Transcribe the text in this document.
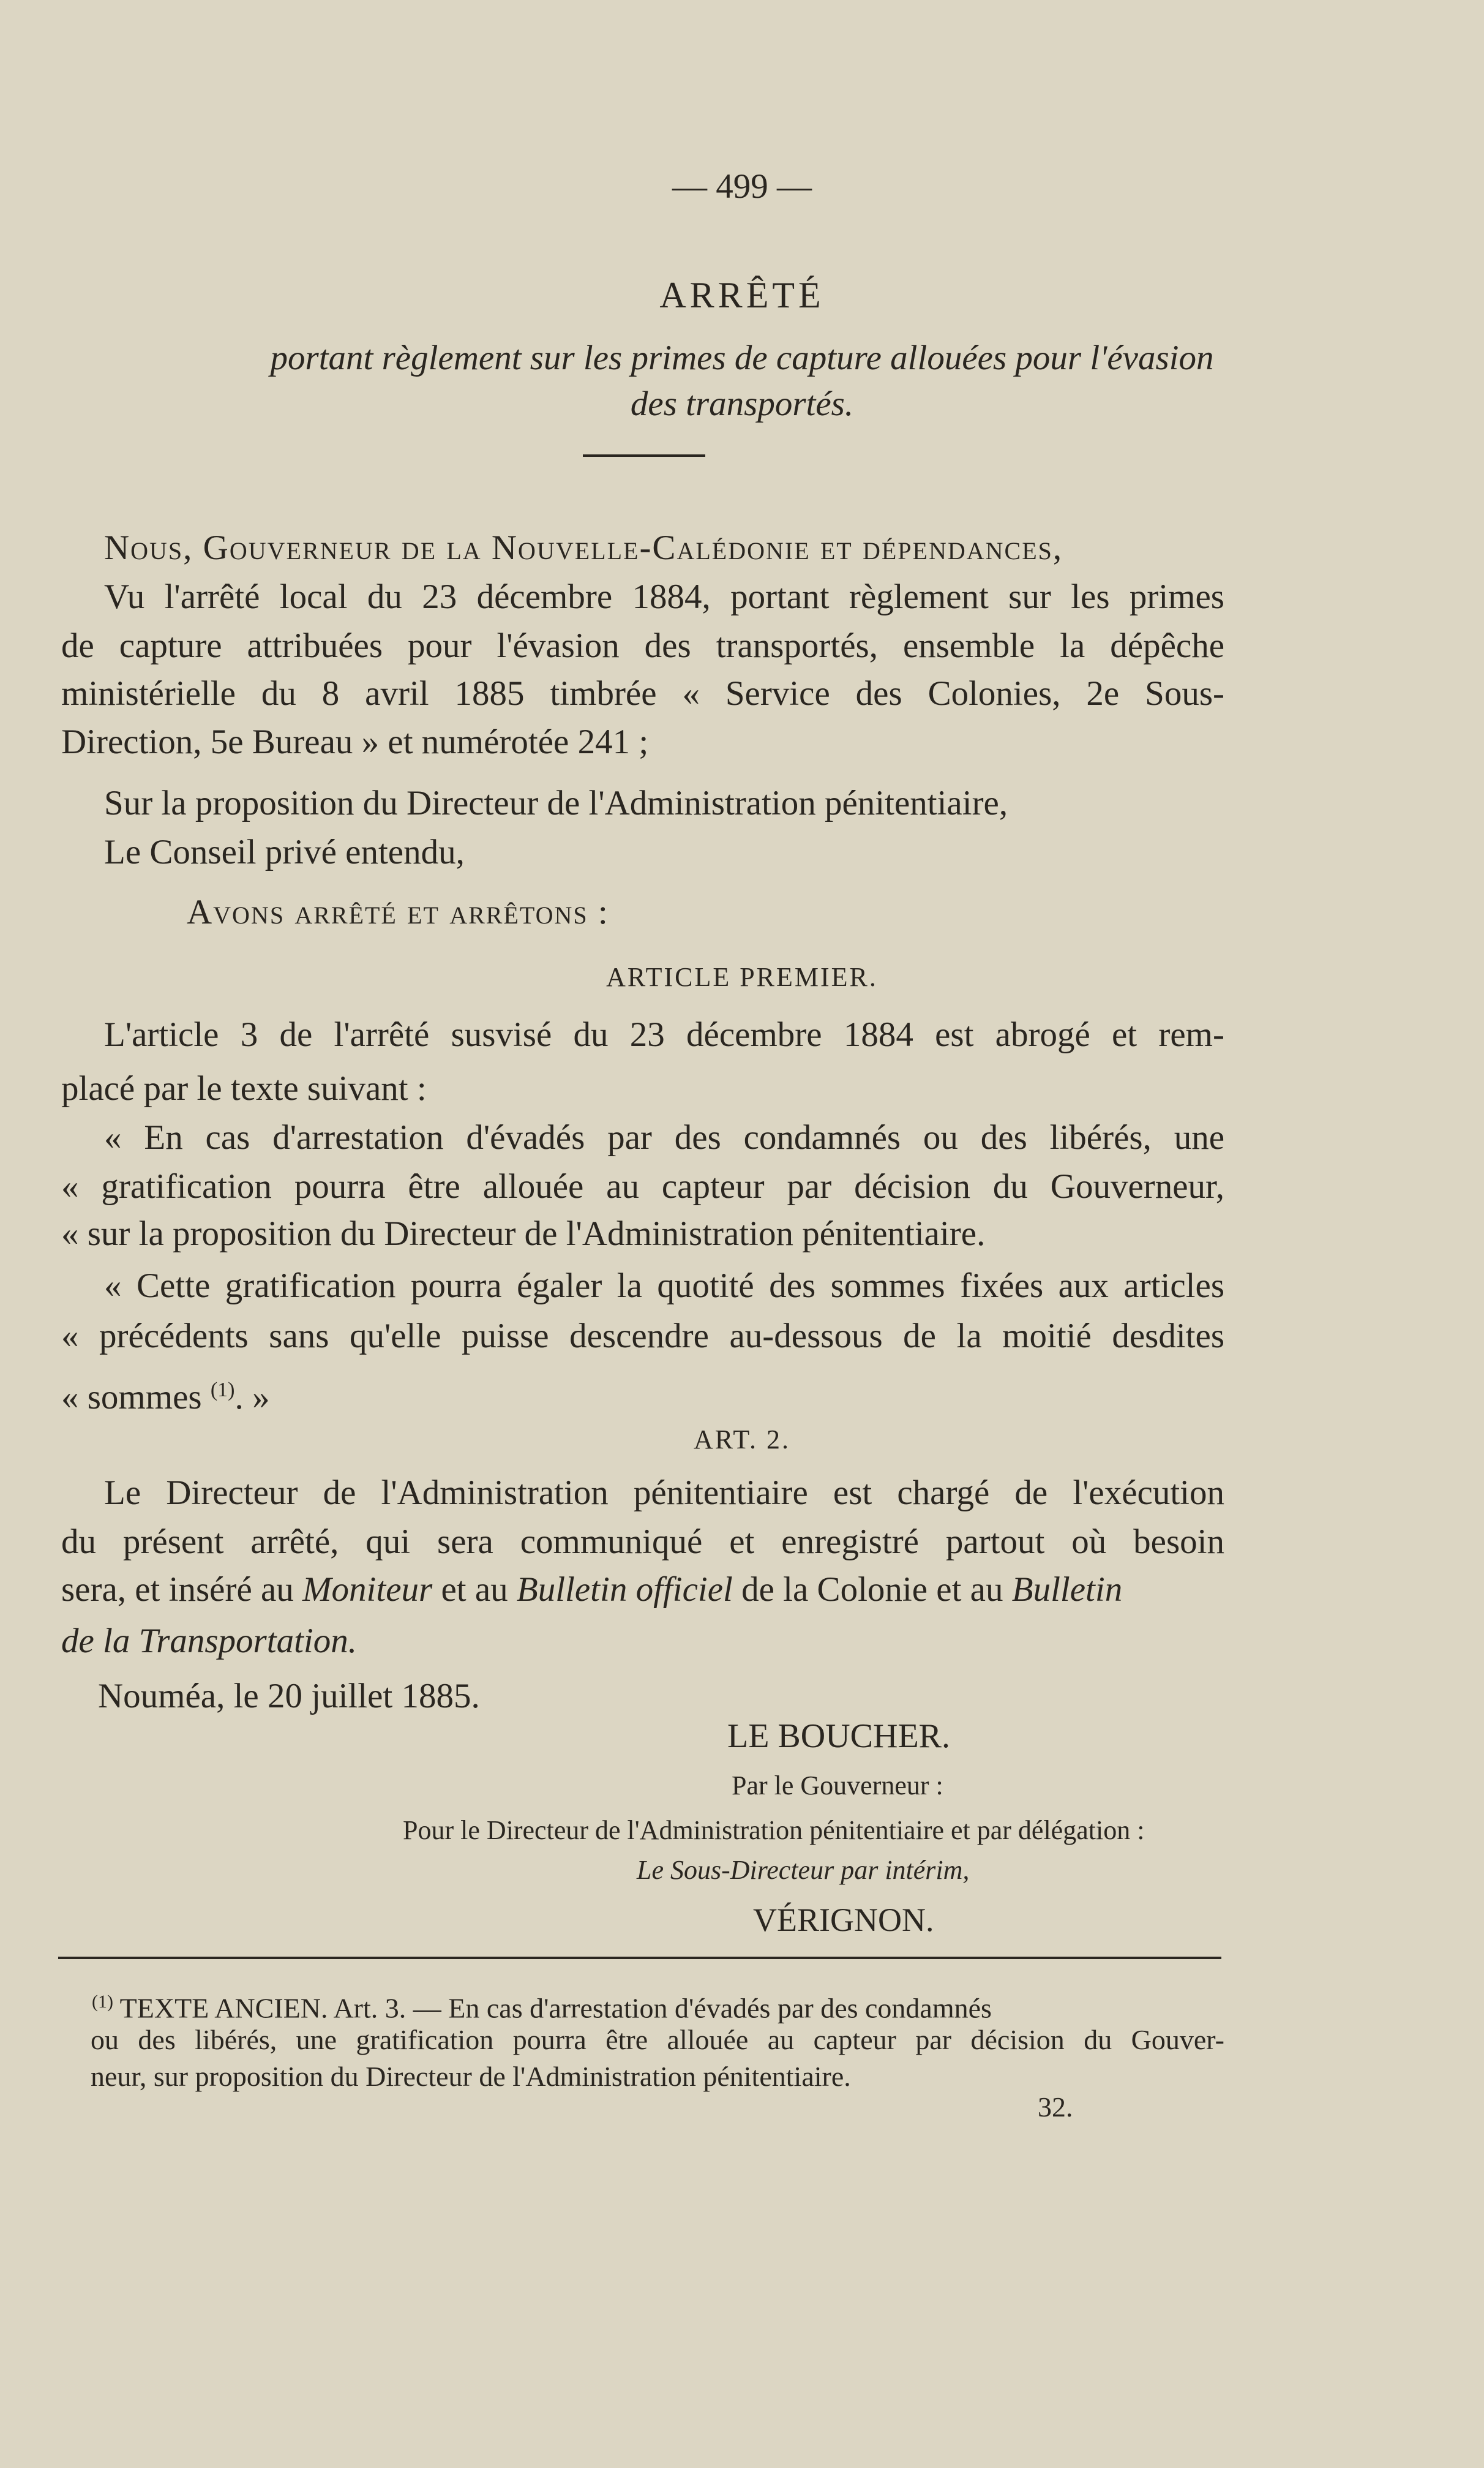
— 499 —
ARRÊTÉ
portant règlement sur les primes de capture allouées pour l'évasion
des transportés.
Nous, Gouverneur de la Nouvelle-Calédonie et dépendances,
Vu l'arrêté local du 23 décembre 1884, portant règlement sur les primes
de capture attribuées pour l'évasion des transportés, ensemble la dépêche
ministérielle du 8 avril 1885 timbrée « Service des Colonies, 2e Sous-
Direction, 5e Bureau » et numérotée 241 ;
Sur la proposition du Directeur de l'Administration pénitentiaire,
Le Conseil privé entendu,
Avons arrêté et arrêtons :
ARTICLE PREMIER.
L'article 3 de l'arrêté susvisé du 23 décembre 1884 est abrogé et rem-
placé par le texte suivant :
« En cas d'arrestation d'évadés par des condamnés ou des libérés, une
« gratification pourra être allouée au capteur par décision du Gouverneur,
« sur la proposition du Directeur de l'Administration pénitentiaire.
« Cette gratification pourra égaler la quotité des sommes fixées aux articles
« précédents sans qu'elle puisse descendre au-dessous de la moitié desdites
« sommes $^{(1)}$. »
ART. 2.
Le Directeur de l'Administration pénitentiaire est chargé de l'exécution
du présent arrêté, qui sera communiqué et enregistré partout où besoin
sera, et inséré au Moniteur et au Bulletin officiel de la Colonie et au Bulletin
de la Transportation.
Nouméa, le 20 juillet 1885.
LE BOUCHER.
Par le Gouverneur :
Pour le Directeur de l'Administration pénitentiaire et par délégation :
Le Sous-Directeur par intérim,
VÉRIGNON.
$^{(1)}$ TEXTE ANCIEN. Art. 3. — En cas d'arrestation d'évadés par des condamnés
ou des libérés, une gratification pourra être allouée au capteur par décision du Gouver-
neur, sur proposition du Directeur de l'Administration pénitentiaire.
32.
